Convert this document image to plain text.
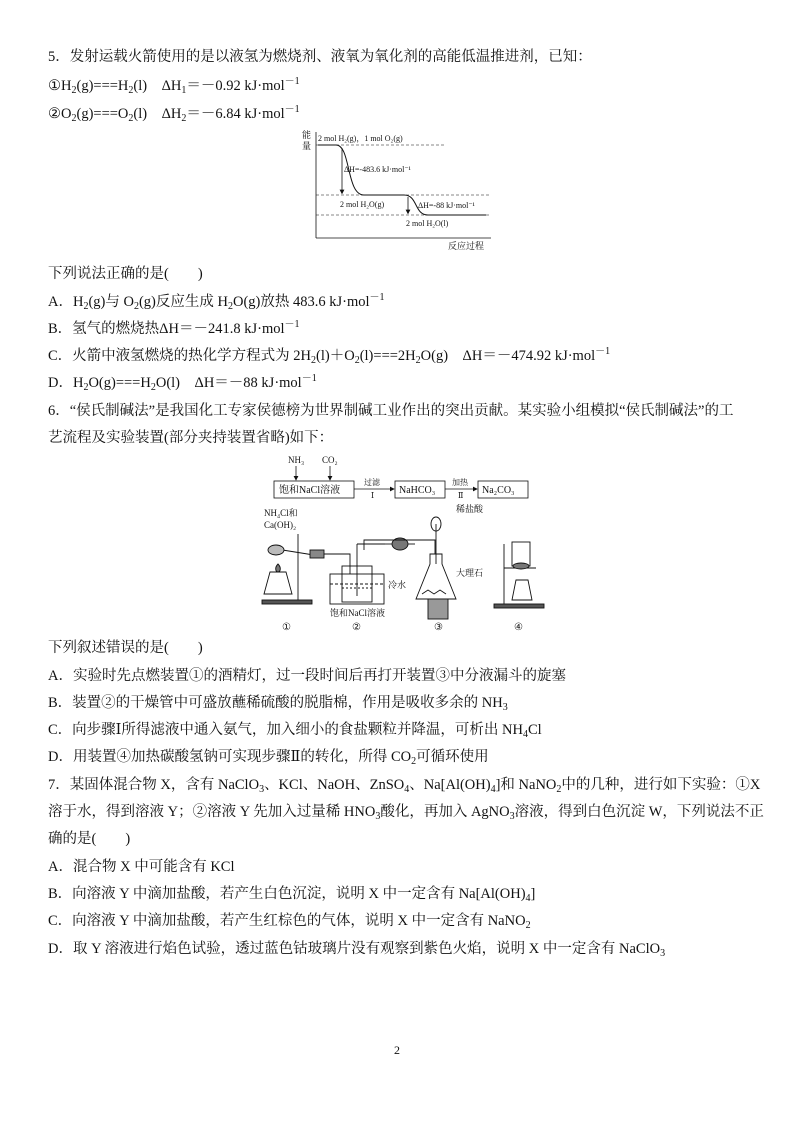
5．发射运载火箭使用的是以液氢为燃烧剂、液氧为氧化剂的高能低温推进剂，已知：
$①H_2(g)===H_2(l)$　$\Delta H_1=-0.92$ kJ·mol$^{-1}$
$②O_2(g)===O_2(l)$　$\Delta H_2=-6.84$ kJ·mol$^{-1}$
能
量
反应过程
2 mol H₂(g)，1 mol O₂(g)
ΔH=-483.6 kJ·mol⁻¹
2 mol H₂O(g)	ΔH=-88 kJ·mol⁻¹
2 mol H₂O(l)
下列说法正确的是(　　)
A．$H_2(g)$与 $O_2(g)$反应生成 $H_2O(g)$放热 483.6 kJ·mol$^{-1}$
B．氢气的燃烧热ΔH＝－241.8 kJ·mol$^{-1}$
C．火箭中液氢燃烧的热化学方程式为 $2H_2(l)+O_2(l)===2H_2O(g)$　ΔH＝－474.92 kJ·mol$^{-1}$
D．$H_2O(g)===H_2O(l)$　ΔH＝－88 kJ·mol$^{-1}$
6．“侯氏制碱法”是我国化工专家侯德榜为世界制碱工业作出的突出贡献。某实验小组模拟“侯氏制碱法”的工
艺流程及实验装置(部分夹持装置省略)如下：
NH₃ CO₂
饱和NaCl溶液
过滤
Ⅰ NaHCO₃
加热
Ⅱ Na₂CO₃
NH₄Cl和
Ca(OH)₂
稀盐酸
大理石
冷水
饱和NaCl溶液
①	②	③	④
下列叙述错误的是(　　)
A．实验时先点燃装置①的酒精灯，过一段时间后再打开装置③中分液漏斗的旋塞
B．装置②的干燥管中可盛放蘸稀硫酸的脱脂棉，作用是吸收多余的 $NH_3$
C．向步骤Ⅰ所得滤液中通入氨气，加入细小的食盐颗粒并降温，可析出 $NH_4Cl$
D．用装置④加热碳酸氢钠可实现步骤Ⅱ的转化，所得 $CO_2$可循环使用
7．某固体混合物 X，含有 NaClO$_3$、KCl、NaOH、ZnSO$_4$、$Na[Al(OH)_4]$和 NaNO$_2$中的几种，进行如下实验：①X
溶于水，得到溶液 Y；②溶液 Y 先加入过量稀 $HNO_3$酸化，再加入 AgNO$_3$溶液，得到白色沉淀 W，下列说法不正
确的是(　　)
A．混合物 X 中可能含有 KCl
B．向溶液 Y 中滴加盐酸，若产生白色沉淀，说明 X 中一定含有 $Na[Al(OH)_4]$
C．向溶液 Y 中滴加盐酸，若产生红棕色的气体，说明 X 中一定含有 NaNO$_2$
D．取 Y 溶液进行焰色试验，透过蓝色钴玻璃片没有观察到紫色火焰，说明 X 中一定含有 NaClO$_3$
2
